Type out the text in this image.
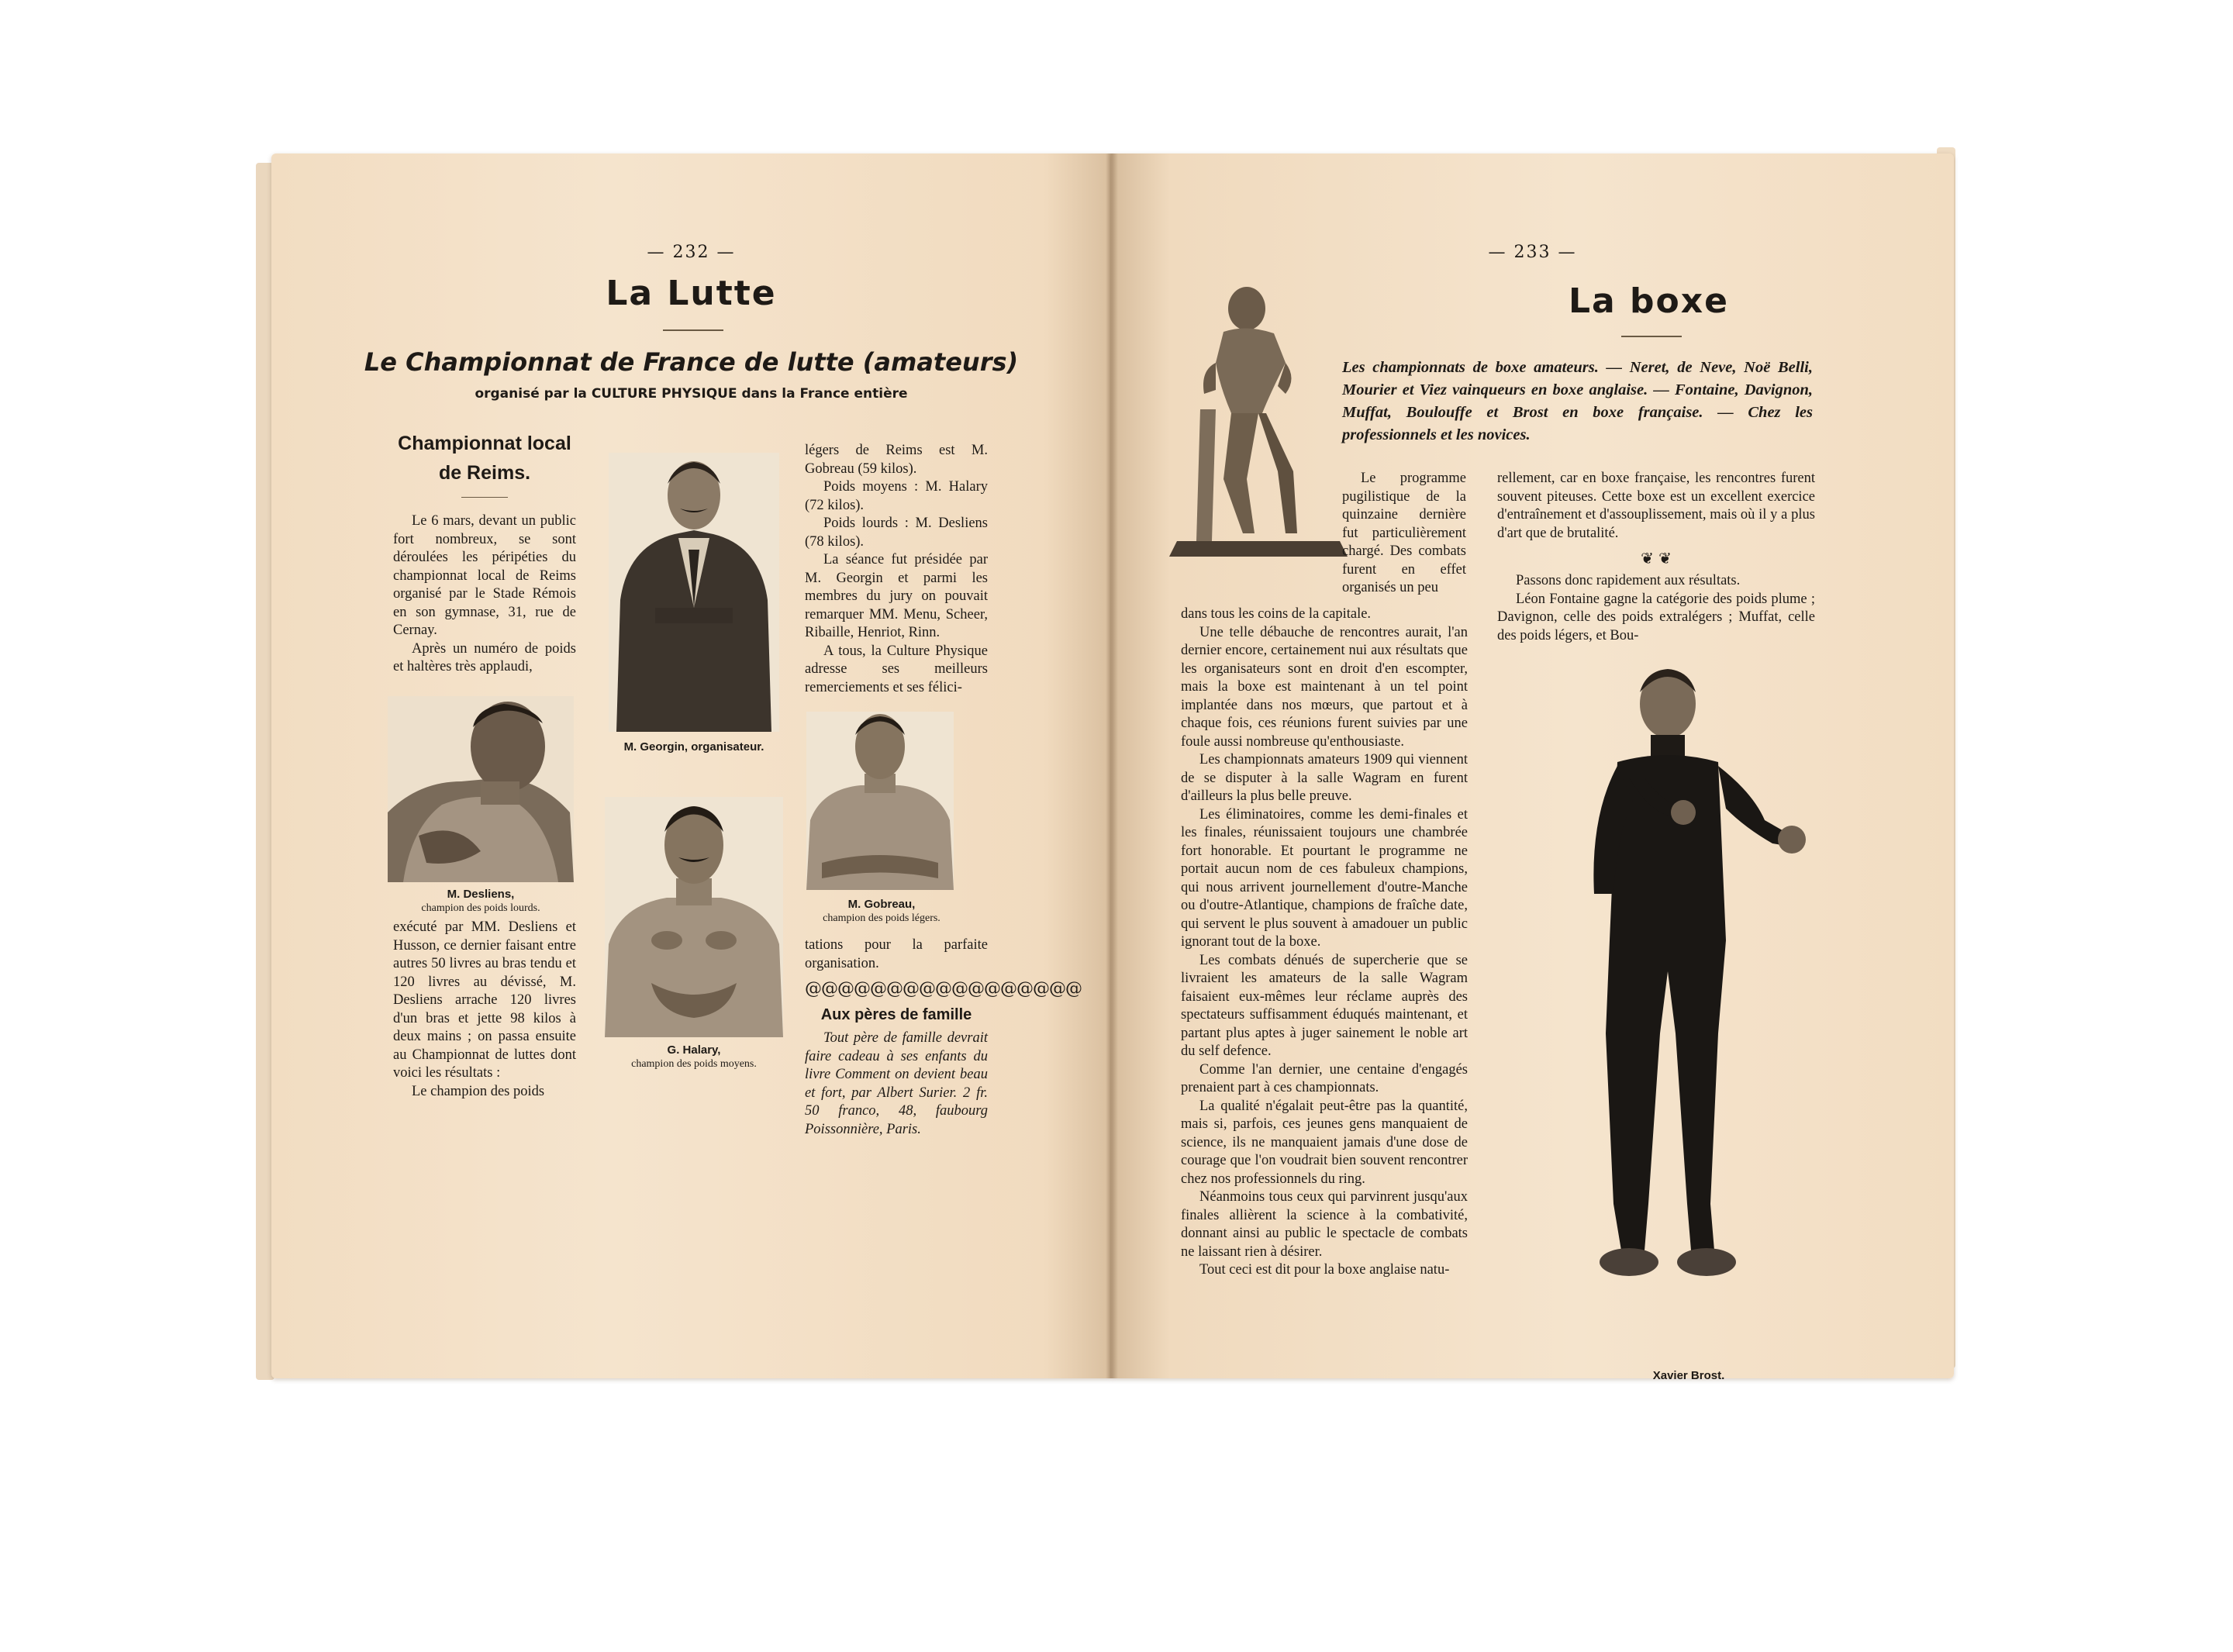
— 232 —
La Lutte
Le Championnat de France de lutte (amateurs)
organisé par la CULTURE PHYSIQUE dans la France entière
Championnat local de Reims.

Le 6 mars, devant un public fort nombreux, se sont déroulées les péripéties du championnat local de Reims organisé par le Stade Rémois en son gymnase, 31, rue de Cernay.

Après un numéro de poids et haltères très applaudi,

M. Desliens,
champion des poids lourds.

exécuté par MM. Desliens et Husson, ce dernier faisant entre autres 50 livres au bras tendu et 120 livres au dévissé, M. Desliens arrache 120 livres d'un bras et jette 98 kilos à deux mains ; on passa ensuite au Championnat de luttes dont voici les résultats :

Le champion des poids

M. Georgin, organisateur.
G. Halary,
champion des poids moyens.

légers de Reims est M. Gobreau (59 kilos).

Poids moyens : M. Halary (72 kilos).

Poids lourds : M. Desliens (78 kilos).

La séance fut présidée par M. Georgin et parmi les membres du jury on pouvait remarquer MM. Menu, Scheer, Ribaille, Henriot, Rinn.

A tous, la Culture Physique adresse ses meilleurs remerciements et ses félici-

M. Gobreau,
champion des poids légers.

tations pour la parfaite organisation.

@@@@@@@@@@@@@@@@@
Aux pères de famille

Tout père de famille devrait faire cadeau à ses enfants du livre Comment on devient beau et fort, par Albert Surier. 2 fr. 50 franco, 48, faubourg Poissonnière, Paris.

— 233 —
La boxe
Les championnats de boxe amateurs. — Neret, de Neve, Noë Belli, Mourier et Viez vainqueurs en boxe anglaise. — Fontaine, Davignon, Muffat, Boulouffe et Brost en boxe française. — Chez les professionnels et les novices.

Le programme pugilistique de la quinzaine dernière fut particulièrement chargé. Des combats furent en effet organisés un peu

dans tous les coins de la capitale.

Une telle débauche de rencontres aurait, l'an dernier encore, certainement nui aux résultats que les organisateurs sont en droit d'en escompter, mais la boxe est maintenant à un tel point implantée dans nos mœurs, que partout et à chaque fois, ces réunions furent suivies par une foule aussi nombreuse qu'enthousiaste.

Les championnats amateurs 1909 qui viennent de se disputer à la salle Wagram en furent d'ailleurs la plus belle preuve.

Les éliminatoires, comme les demi-finales et les finales, réunissaient toujours une chambrée fort honorable. Et pourtant le programme ne portait aucun nom de ces fabuleux champions, qui nous arrivent journellement d'outre-Manche ou d'outre-Atlantique, champions de fraîche date, qui servent le plus souvent à amadouer un public ignorant tout de la boxe.

Les combats dénués de supercherie que se livraient les amateurs de la salle Wagram faisaient eux-mêmes leur réclame auprès des spectateurs suffisamment éduqués maintenant, et partant plus aptes à juger sainement le noble art du self defence.

Comme l'an dernier, une centaine d'engagés prenaient part à ces championnats.

La qualité n'égalait peut-être pas la quantité, mais si, parfois, ces jeunes gens manquaient de science, ils ne manquaient jamais d'une dose de courage que l'on voudrait bien souvent rencontrer chez nos professionnels du ring.

Néanmoins tous ceux qui parvinrent jusqu'aux finales allièrent la science à la combativité, donnant ainsi au public le spectacle de combats ne laissant rien à désirer.

Tout ceci est dit pour la boxe anglaise natu-

rellement, car en boxe française, les rencontres furent souvent piteuses. Cette boxe est un excellent exercice d'entraînement et d'assouplissement, mais où il y a plus d'art que de brutalité.

❦ ❦

Passons donc rapidement aux résultats.

Léon Fontaine gagne la catégorie des poids plume ; Davignon, celle des poids extralégers ; Muffat, celle des poids légers, et Bou-

Xavier Brost.
